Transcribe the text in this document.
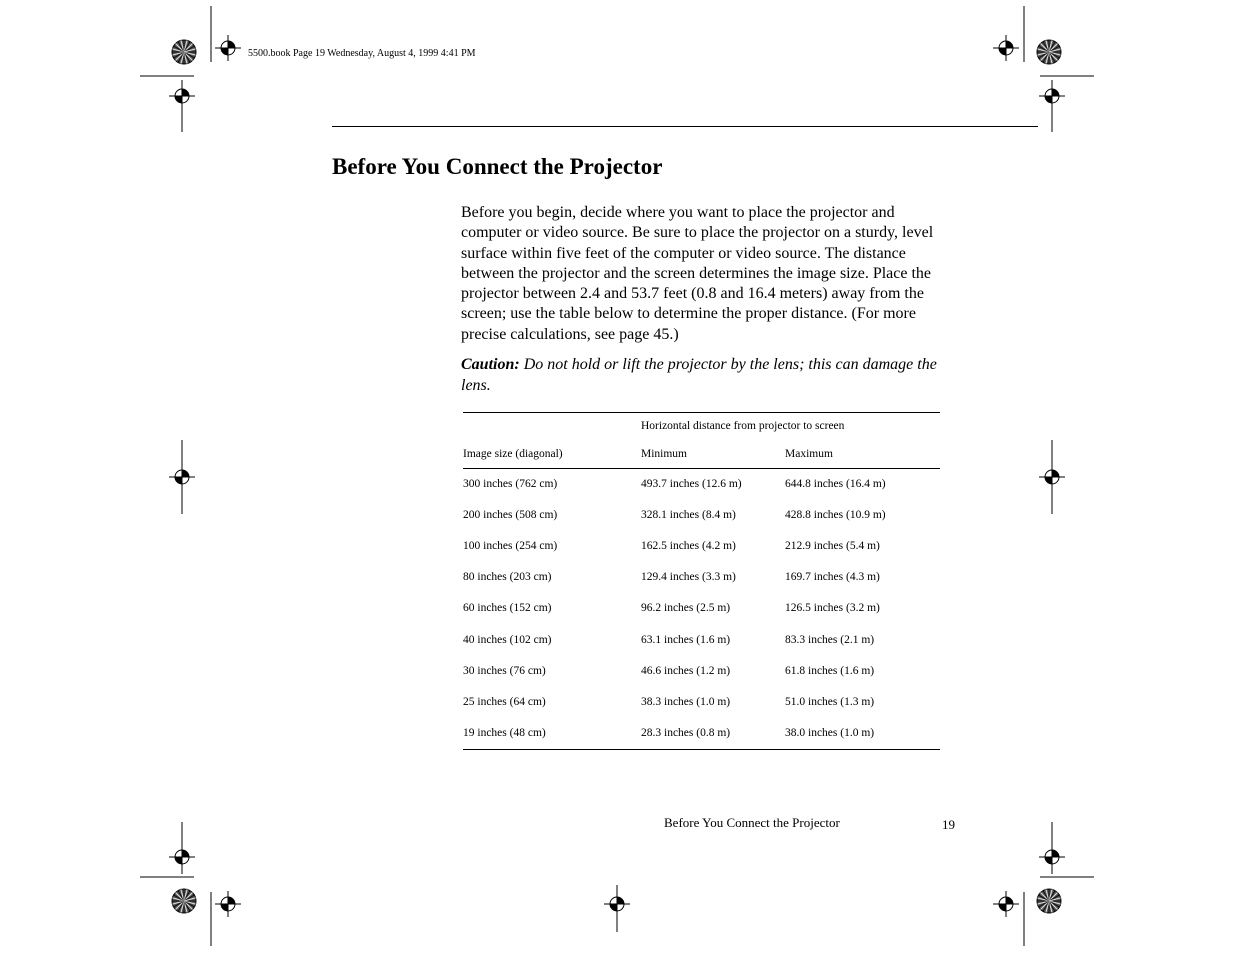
5500.book Page 19 Wednesday, August 4, 1999 4:41 PM
Before You Connect the Projector

Before you begin, decide where you want to place the projector and computer or video source. Be sure to place the projector on a sturdy, level surface within five feet of the computer or video source. The distance between the projector and the screen determines the image size. Place the projector between 2.4 and 53.7 feet (0.8 and 16.4 meters) away from the screen; use the table below to determine the proper distance. (For more precise calculations, see page 45.)

Caution: Do not hold or lift the projector by the lens; this can damage the lens.

Horizontal distance from projector to screen
Image size (diagonal)	Minimum	Maximum
300 inches (762 cm)	493.7 inches (12.6 m)	644.8 inches (16.4 m)
200 inches (508 cm)	328.1 inches (8.4 m)	428.8 inches (10.9 m)
100 inches (254 cm)	162.5 inches (4.2 m)	212.9 inches (5.4 m)
80 inches (203 cm)	129.4 inches (3.3 m)	169.7 inches (4.3 m)
60 inches (152 cm)	96.2 inches (2.5 m)	126.5 inches (3.2 m)
40 inches (102 cm)	63.1 inches (1.6 m)	83.3 inches (2.1 m)
30 inches (76 cm)	46.6 inches (1.2 m)	61.8 inches (1.6 m)
25 inches (64 cm)	38.3 inches (1.0 m)	51.0 inches (1.3 m)
19 inches (48 cm)	28.3 inches (0.8 m)	38.0 inches (1.0 m)
Before You Connect the Projector	19
